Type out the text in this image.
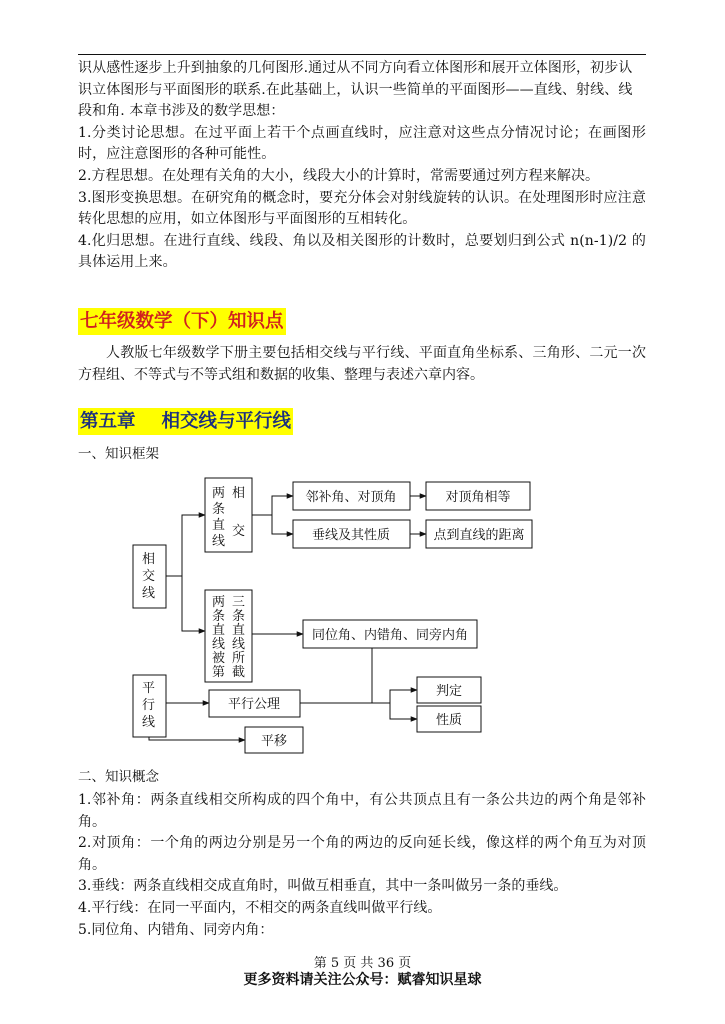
识从感性逐步上升到抽象的几何图形.通过从不同方向看立体图形和展开立体图形，初步认

识立体图形与平面图形的联系.在此基础上，认识一些简单的平面图形——直线、射线、线

段和角. 本章书涉及的数学思想：

1.分类讨论思想。在过平面上若干个点画直线时，应注意对这些点分情况讨论；在画图形时，应注意图形的各种可能性。

2.方程思想。在处理有关角的大小，线段大小的计算时，常需要通过列方程来解决。

3.图形变换思想。在研究角的概念时，要充分体会对射线旋转的认识。在处理图形时应注意转化思想的应用，如立体图形与平面图形的互相转化。

4.化归思想。在进行直线、线段、角以及相关图形的计数时，总要划归到公式 n(n-1)/2 的具体运用上来。

七年级数学（下）知识点

人教版七年级数学下册主要包括相交线与平行线、平面直角坐标系、三角形、二元一次方程组、不等式与不等式组和数据的收集、整理与表述六章内容。

第五章 相交线与平行线

一、知识框架

相
交
线
两
条
直
线
相
交
两
条
直
线
被
第
三
条
直
线
所
截
平
行
线
邻补角、对顶角	对顶角相等
垂线及其性质	点到直线的距离
同位角、内错角、同旁内角
平行公理
判定
性质
平移

二、知识概念

1.邻补角：两条直线相交所构成的四个角中，有公共顶点且有一条公共边的两个角是邻补角。

2.对顶角：一个角的两边分别是另一个角的两边的反向延长线，像这样的两个角互为对顶角。

3.垂线：两条直线相交成直角时，叫做互相垂直，其中一条叫做另一条的垂线。

4.平行线：在同一平面内，不相交的两条直线叫做平行线。

5.同位角、内错角、同旁内角：

第 5 页 共 36 页
更多资料请关注公众号：赋睿知识星球
